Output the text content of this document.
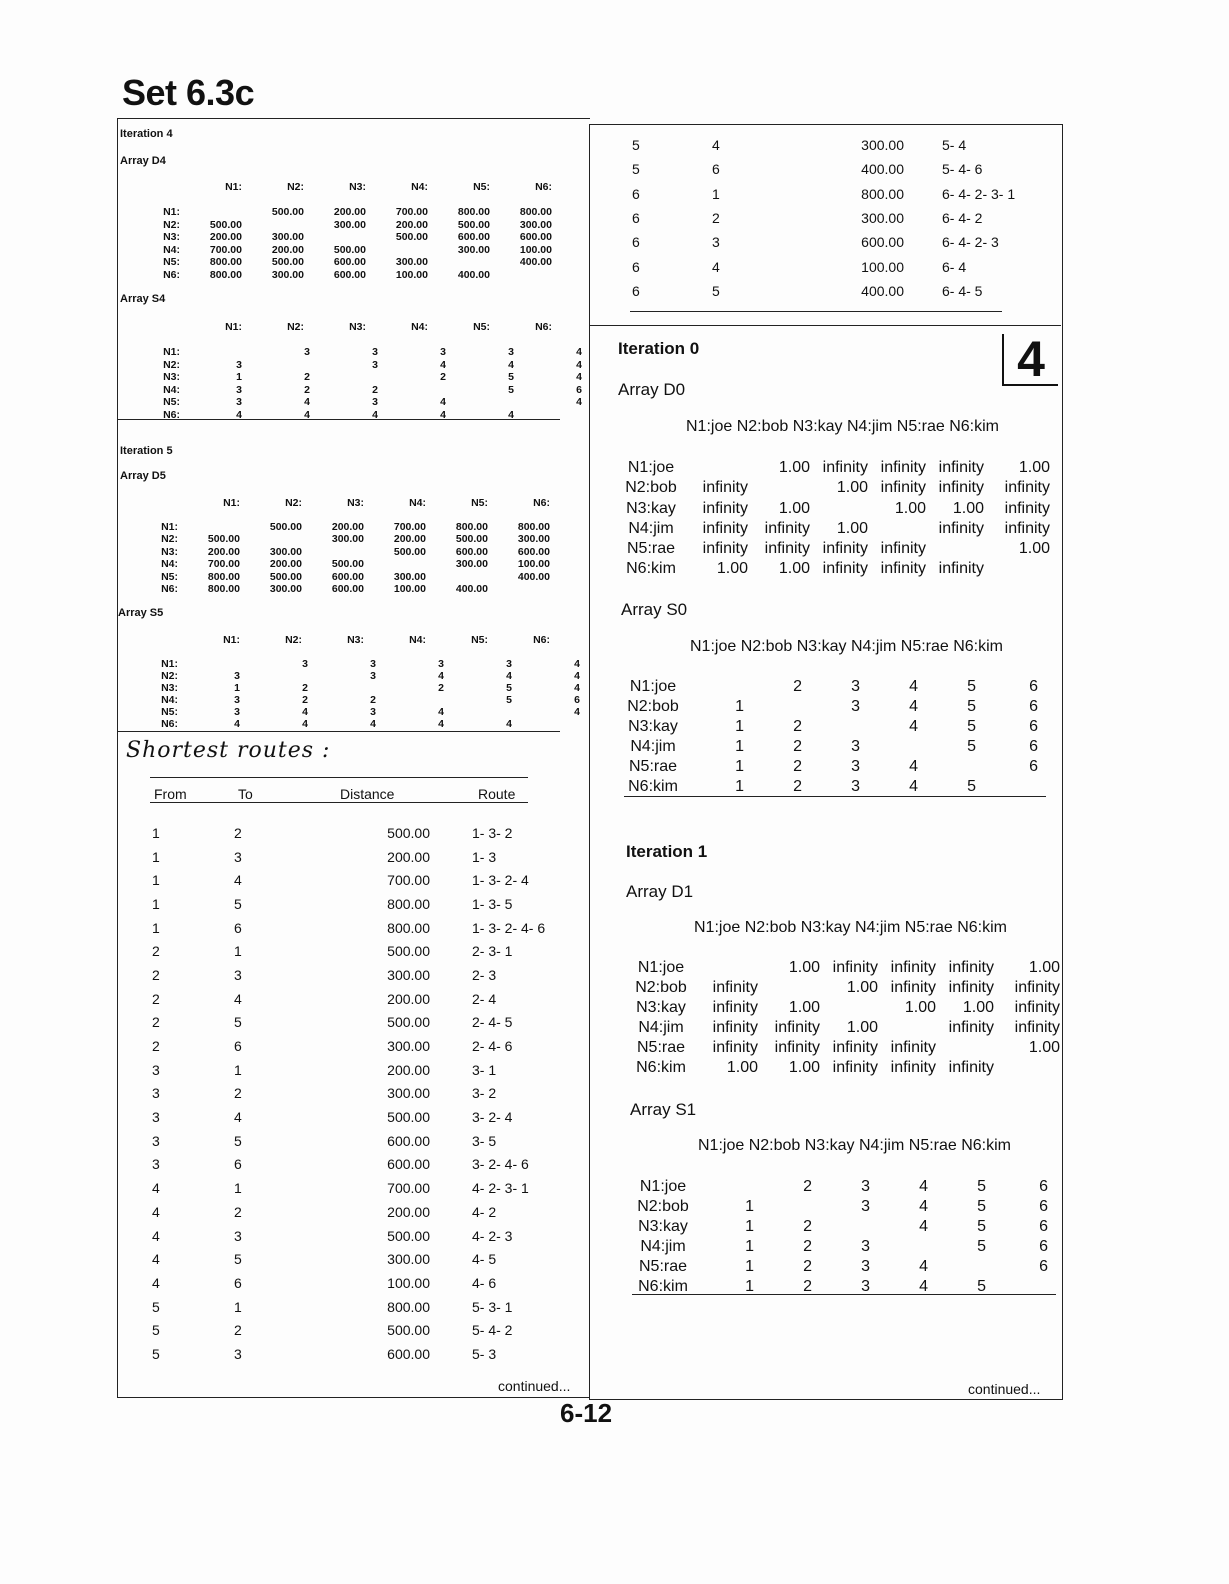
Set 6.3c
Iteration 4
Array D4
Array S4
N1:	N2:	N3:	N4:	N5:	N6:
N1:		500.00	200.00	700.00	800.00	800.00
N2:	500.00		300.00	200.00	500.00	300.00
N3:	200.00	300.00		500.00	600.00	600.00
N4:	700.00	200.00	500.00		300.00	100.00
N5:	800.00	500.00	600.00	300.00		400.00
N6:	800.00	300.00	600.00	100.00	400.00	
N1:	N2:	N3:	N4:	N5:	N6:
N1:		3	3	3	3	4
N2:	3		3	4	4	4
N3:	1	2		2	5	4
N4:	3	2	2		5	6
N5:	3	4	3	4		4
N6:	4	4	4	4	4	
Iteration 5
Array D5
Array S5
N1:	N2:	N3:	N4:	N5:	N6:
N1:		500.00	200.00	700.00	800.00	800.00
N2:	500.00		300.00	200.00	500.00	300.00
N3:	200.00	300.00		500.00	600.00	600.00
N4:	700.00	200.00	500.00		300.00	100.00
N5:	800.00	500.00	600.00	300.00		400.00
N6:	800.00	300.00	600.00	100.00	400.00	
N1:	N2:	N3:	N4:	N5:	N6:
N1:		3	3	3	3	4
N2:	3		3	4	4	4
N3:	1	2		2	5	4
N4:	3	2	2		5	6
N5:	3	4	3	4		4
N6:	4	4	4	4	4	
Shortest routes :
From	To	Distance	Route
1	2	500.00	1- 3- 2
1	3	200.00	1- 3
1	4	700.00	1- 3- 2- 4
1	5	800.00	1- 3- 5
1	6	800.00	1- 3- 2- 4- 6
2	1	500.00	2- 3- 1
2	3	300.00	2- 3
2	4	200.00	2- 4
2	5	500.00	2- 4- 5
2	6	300.00	2- 4- 6
3	1	200.00	3- 1
3	2	300.00	3- 2
3	4	500.00	3- 2- 4
3	5	600.00	3- 5
3	6	600.00	3- 2- 4- 6
4	1	700.00	4- 2- 3- 1
4	2	200.00	4- 2
4	3	500.00	4- 2- 3
4	5	300.00	4- 5
4	6	100.00	4- 6
5	1	800.00	5- 3- 1
5	2	500.00	5- 4- 2
5	3	600.00	5- 3
continued...
5	4	300.00	5- 4
5	6	400.00	5- 4- 6
6	1	800.00	6- 4- 2- 3- 1
6	2	300.00	6- 4- 2
6	3	600.00	6- 4- 2- 3
6	4	100.00	6- 4
6	5	400.00	6- 4- 5
4
Iteration 0
Array D0
N1:joe N2:bob N3:kay N4:jim N5:rae N6:kim
N1:joe		1.00	infinity	infinity	infinity	1.00
N2:bob	infinity		1.00	infinity	infinity	infinity
N3:kay	infinity	1.00		1.00	1.00	infinity
N4:jim	infinity	infinity	1.00		infinity	infinity
N5:rae	infinity	infinity	infinity	infinity		1.00
N6:kim	1.00	1.00	infinity	infinity	infinity	
Array S0
N1:joe N2:bob N3:kay N4:jim N5:rae N6:kim
N1:joe		2	3	4	5	6
N2:bob	1		3	4	5	6
N3:kay	1	2		4	5	6
N4:jim	1	2	3		5	6
N5:rae	1	2	3	4		6
N6:kim	1	2	3	4	5	
Iteration 1
Array D1
N1:joe N2:bob N3:kay N4:jim N5:rae N6:kim
N1:joe		1.00	infinity	infinity	infinity	1.00
N2:bob	infinity		1.00	infinity	infinity	infinity
N3:kay	infinity	1.00		1.00	1.00	infinity
N4:jim	infinity	infinity	1.00		infinity	infinity
N5:rae	infinity	infinity	infinity	infinity		1.00
N6:kim	1.00	1.00	infinity	infinity	infinity	
Array S1
N1:joe N2:bob N3:kay N4:jim N5:rae N6:kim
N1:joe		2	3	4	5	6
N2:bob	1		3	4	5	6
N3:kay	1	2		4	5	6
N4:jim	1	2	3		5	6
N5:rae	1	2	3	4		6
N6:kim	1	2	3	4	5	
continued...
6-12
